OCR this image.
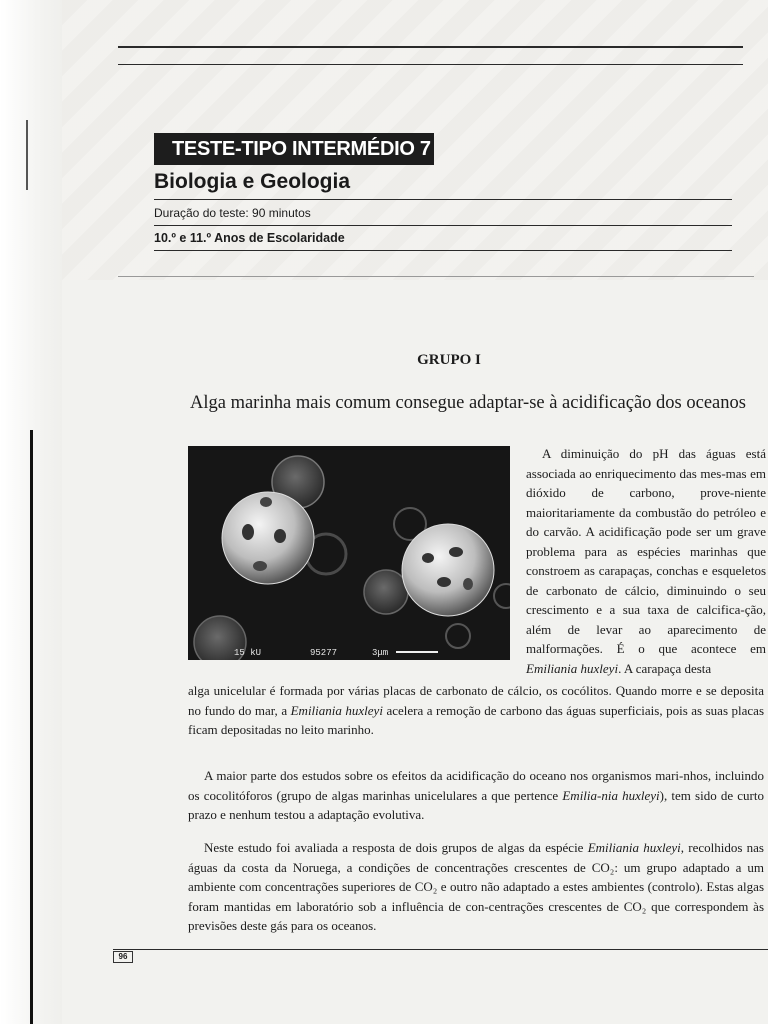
TESTE-TIPO INTERMÉDIO 7
Biologia e Geologia
Duração do teste: 90 minutos
10.º e 11.º Anos de Escolaridade
GRUPO I
Alga marinha mais comum consegue adaptar-se à acidificação dos oceanos
15 kU	95277	3μm
A diminuição do pH das águas está associada ao enriquecimento das mes-mas em dióxido de carbono, prove-niente maioritariamente da combustão do petróleo e do carvão. A acidificação pode ser um grave problema para as espécies marinhas que constroem as carapaças, conchas e esqueletos de carbonato de cálcio, diminuindo o seu crescimento e a sua taxa de calcifica-ção, além de levar ao aparecimento de malformações. É o que acontece em Emiliania huxleyi. A carapaça desta
alga unicelular é formada por várias placas de carbonato de cálcio, os cocólitos. Quando morre e se deposita no fundo do mar, a Emiliania huxleyi acelera a remoção de carbono das águas superficiais, pois as suas placas ficam depositadas no leito marinho.
A maior parte dos estudos sobre os efeitos da acidificação do oceano nos organismos mari-nhos, incluindo os cocolitóforos (grupo de algas marinhas unicelulares a que pertence Emilia-nia huxleyi), tem sido de curto prazo e nenhum testou a adaptação evolutiva.
Neste estudo foi avaliada a resposta de dois grupos de algas da espécie Emiliania huxleyi, recolhidos nas águas da costa da Noruega, a condições de concentrações crescentes de CO₂: um grupo adaptado a um ambiente com concentrações superiores de CO₂ e outro não adaptado a estes ambientes (controlo). Estas algas foram mantidas em laboratório sob a influência de con-centrações crescentes de CO₂ que correspondem às previsões deste gás para os oceanos.
96
